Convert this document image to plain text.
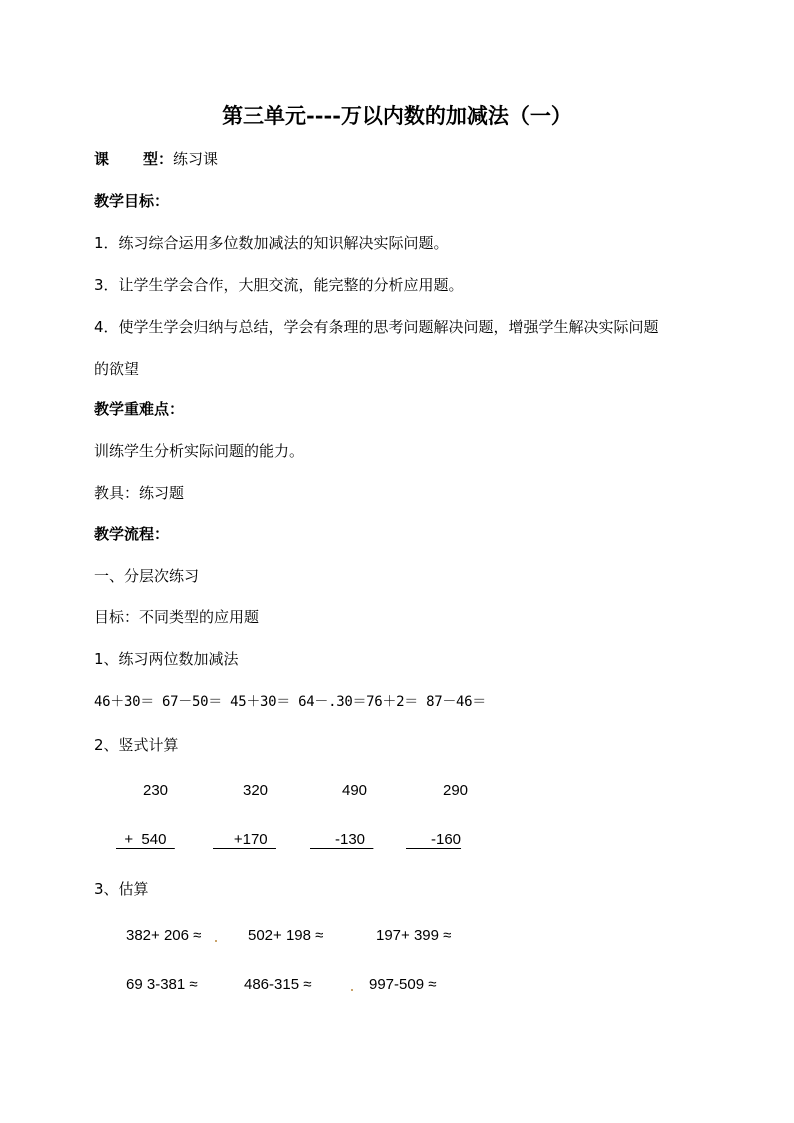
第三单元----万以内数的加减法（一）
课 型：练习课
教学目标：
1．练习综合运用多位数加减法的知识解决实际问题。
3．让学生学会合作，大胆交流，能完整的分析应用题。
4．使学生学会归纳与总结，学会有条理的思考问题解决问题，增强学生解决实际问题
的欲望
教学重难点：
训练学生分析实际问题的能力。
教具：练习题
教学流程：
一、分层次练习
目标：不同类型的应用题
1、练习两位数加减法
46＋30＝ 67－50＝ 45＋30＝ 64－.30＝76＋2＝ 87－46＝
2、竖式计算
230	320	490	290
+  540	+170 -130 -160
3、估算
382+ 206 ≈	502+ 198 ≈	197+ 399 ≈
69 3-381 ≈	486-315 ≈	997-509 ≈
